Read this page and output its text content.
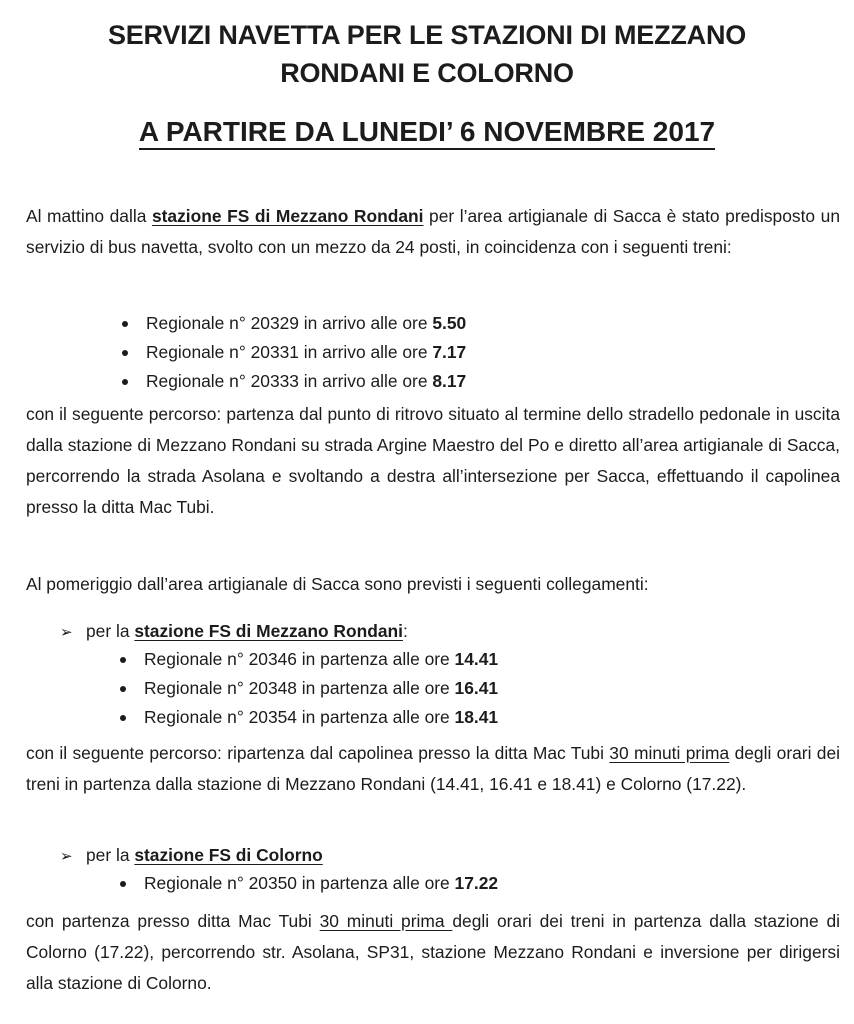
SERVIZI NAVETTA PER LE STAZIONI DI MEZZANO
RONDANI E COLORNO
A PARTIRE DA LUNEDI’ 6 NOVEMBRE 2017
Al mattino dalla stazione FS di Mezzano Rondani per l’area artigianale di Sacca è stato predisposto un servizio di bus navetta, svolto con un mezzo da 24 posti, in coincidenza con i seguenti treni:
Regionale n° 20329 in arrivo alle ore 5.50
Regionale n° 20331 in arrivo alle ore 7.17
Regionale n° 20333 in arrivo alle ore 8.17
con il seguente percorso: partenza dal punto di ritrovo situato al termine dello stradello pedonale in uscita dalla stazione di Mezzano Rondani su strada Argine Maestro del Po e diretto all’area artigianale di Sacca, percorrendo la strada Asolana e svoltando a destra all’intersezione per Sacca, effettuando il capolinea presso la ditta Mac Tubi.
Al pomeriggio dall’area artigianale di Sacca sono previsti i seguenti collegamenti:
➢ per la stazione FS di Mezzano Rondani:
Regionale n° 20346 in partenza alle ore 14.41
Regionale n° 20348 in partenza alle ore 16.41
Regionale n° 20354 in partenza alle ore 18.41
con il seguente percorso: ripartenza dal capolinea presso la ditta Mac Tubi 30 minuti prima degli orari dei treni in partenza dalla stazione di Mezzano Rondani (14.41, 16.41 e 18.41) e Colorno (17.22).
➢ per la stazione FS di Colorno
Regionale n° 20350 in partenza alle ore 17.22
con partenza presso ditta Mac Tubi 30 minuti prima degli orari dei treni in partenza dalla stazione di Colorno (17.22), percorrendo str. Asolana, SP31, stazione Mezzano Rondani e inversione per dirigersi alla stazione di Colorno.
